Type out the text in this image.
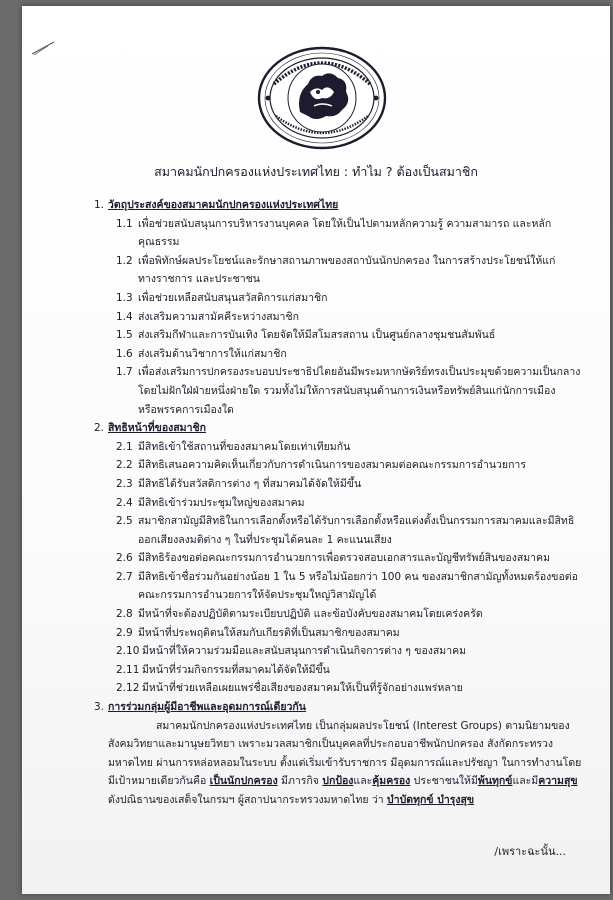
สมาคมนักปกครองแห่งประเทศไทย : ทำไม ? ต้องเป็นสมาชิก
1. วัตถุประสงค์ของสมาคมนักปกครองแห่งประเทศไทย
1.1 เพื่อช่วยสนับสนุนการบริหารงานบุคคล โดยให้เป็นไปตามหลักความรู้ ความสามารถ และหลักคุณธรรม
1.2 เพื่อพิทักษ์ผลประโยชน์และรักษาสถานภาพของสถาบันนักปกครอง ในการสร้างประโยชน์ให้แก่
ทางราชการ และประชาชน
1.3 เพื่อช่วยเหลือสนับสนุนสวัสดิการแก่สมาชิก
1.4 ส่งเสริมความสามัคคีระหว่างสมาชิก
1.5 ส่งเสริมกีฬาและการบันเทิง โดยจัดให้มีสโมสรสถาน เป็นศูนย์กลางชุมชนสัมพันธ์
1.6 ส่งเสริมด้านวิชาการให้แก่สมาชิก
1.7 เพื่อส่งเสริมการปกครองระบอบประชาธิปไตยอันมีพระมหากษัตริย์ทรงเป็นประมุขด้วยความเป็นกลาง
โดยไม่ฝักใฝ่ฝ่ายหนึ่งฝ่ายใด รวมทั้งไม่ให้การสนับสนุนด้านการเงินหรือทรัพย์สินแก่นักการเมือง
หรือพรรคการเมืองใด
2. สิทธิหน้าที่ของสมาชิก
2.1 มีสิทธิเข้าใช้สถานที่ของสมาคมโดยเท่าเทียมกัน
2.2 มีสิทธิเสนอความคิดเห็นเกี่ยวกับการดำเนินการของสมาคมต่อคณะกรรมการอำนวยการ
2.3 มีสิทธิได้รับสวัสดิการต่าง ๆ ที่สมาคมได้จัดให้มีขึ้น
2.4 มีสิทธิเข้าร่วมประชุมใหญ่ของสมาคม
2.5 สมาชิกสามัญมีสิทธิในการเลือกตั้งหรือได้รับการเลือกตั้งหรือแต่งตั้งเป็นกรรมการสมาคมและมีสิทธิ
ออกเสียงลงมติต่าง ๆ ในที่ประชุมได้คนละ 1 คะแนนเสียง
2.6 มีสิทธิร้องขอต่อคณะกรรมการอำนวยการเพื่อตรวจสอบเอกสารและบัญชีทรัพย์สินของสมาคม
2.7 มีสิทธิเข้าชื่อร่วมกันอย่างน้อย 1 ใน 5 หรือไม่น้อยกว่า 100 คน ของสมาชิกสามัญทั้งหมดร้องขอต่อ
คณะกรรมการอำนวยการให้จัดประชุมใหญ่วิสามัญได้
2.8 มีหน้าที่จะต้องปฏิบัติตามระเบียบปฏิบัติ และข้อบังคับของสมาคมโดยเคร่งครัด
2.9 มีหน้าที่ประพฤติตนให้สมกับเกียรติที่เป็นสมาชิกของสมาคม
2.10 มีหน้าที่ให้ความร่วมมือและสนับสนุนการดำเนินกิจการต่าง ๆ ของสมาคม
2.11 มีหน้าที่ร่วมกิจกรรมที่สมาคมได้จัดให้มีขึ้น
2.12 มีหน้าที่ช่วยเหลือเผยแพร่ชื่อเสียงของสมาคมให้เป็นที่รู้จักอย่างแพร่หลาย
3. การร่วมกลุ่มผู้มีอาชีพและอุดมการณ์เดียวกัน
สมาคมนักปกครองแห่งประเทศไทย เป็นกลุ่มผลประโยชน์ (Interest Groups) ตามนิยามของสังคมวิทยาและมานุษยวิทยา เพราะมวลสมาชิกเป็นบุคคลที่ประกอบอาชีพนักปกครอง สังกัดกระทรวงมหาดไทย ผ่านการหล่อหลอมในระบบ ตั้งแต่เริ่มเข้ารับราชการ มีอุดมการณ์และปรัชญา ในการทำงานโดยมีเป้าหมายเดียวกันคือ เป็นนักปกครอง มีภารกิจ ปกป้องและคุ้มครอง ประชาชนให้มีพ้นทุกข์และมีความสุข ดังปณิธานของเสด็จในกรมฯ ผู้สถาปนากระทรวงมหาดไทย ว่า บำบัดทุกข์ บำรุงสุข
/เพราะฉะนั้น...
